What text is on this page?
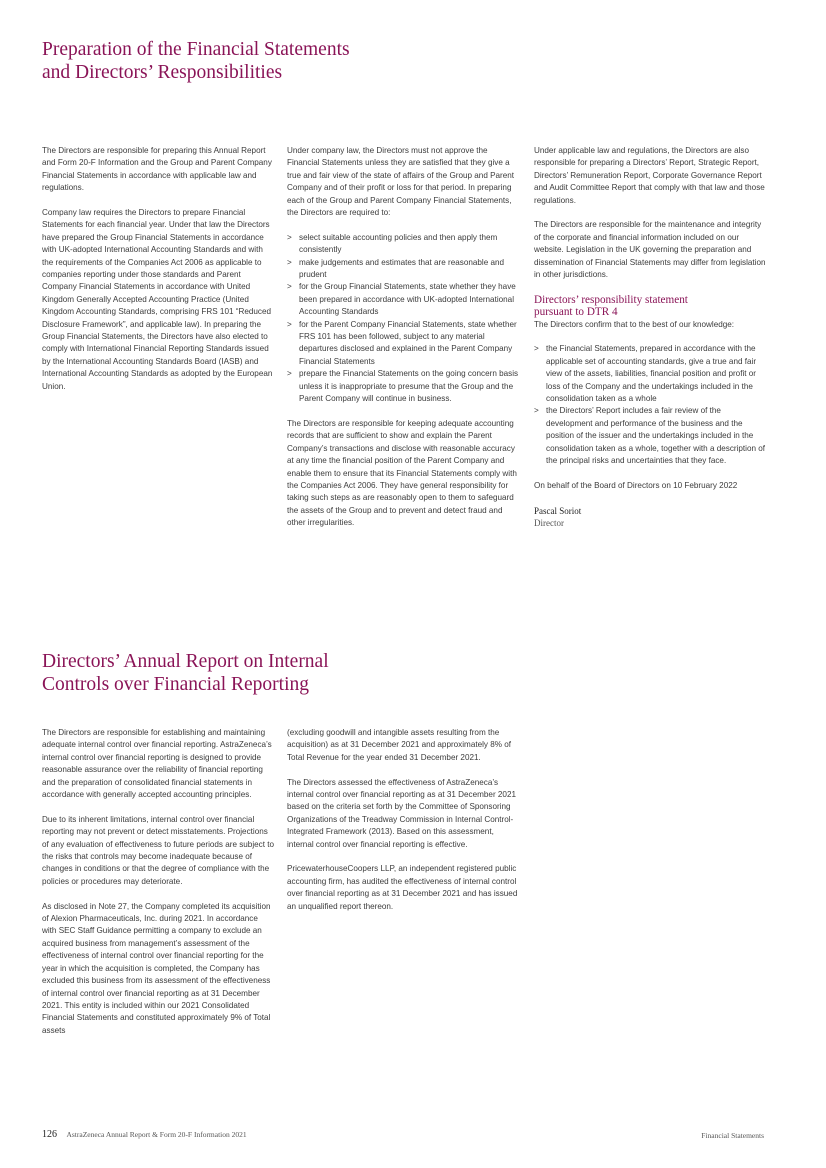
Preparation of the Financial Statements
and Directors’ Responsibilities

The Directors are responsible for preparing this Annual Report and Form 20-F Information and the Group and Parent Company Financial Statements in accordance with applicable law and regulations.

Company law requires the Directors to prepare Financial Statements for each financial year. Under that law the Directors have prepared the Group Financial Statements in accordance with UK-adopted International Accounting Standards and with the requirements of the Companies Act 2006 as applicable to companies reporting under those standards and Parent Company Financial Statements in accordance with United Kingdom Generally Accepted Accounting Practice (United Kingdom Accounting Standards, comprising FRS 101 “Reduced Disclosure Framework”, and applicable law). In preparing the Group Financial Statements, the Directors have also elected to comply with International Financial Reporting Standards issued by the International Accounting Standards Board (IASB) and International Accounting Standards as adopted by the European Union.

Under company law, the Directors must not approve the Financial Statements unless they are satisfied that they give a true and fair view of the state of affairs of the Group and Parent Company and of their profit or loss for that period. In preparing each of the Group and Parent Company Financial Statements, the Directors are required to:

> select suitable accounting policies and then apply them consistently
> make judgements and estimates that are reasonable and prudent
> for the Group Financial Statements, state whether they have been prepared in accordance with UK-adopted International Accounting Standards
> for the Parent Company Financial Statements, state whether FRS 101 has been followed, subject to any material departures disclosed and explained in the Parent Company Financial Statements
> prepare the Financial Statements on the going concern basis unless it is inappropriate to presume that the Group and the Parent Company will continue in business.

The Directors are responsible for keeping adequate accounting records that are sufficient to show and explain the Parent Company’s transactions and disclose with reasonable accuracy at any time the financial position of the Parent Company and enable them to ensure that its Financial Statements comply with the Companies Act 2006. They have general responsibility for taking such steps as are reasonably open to them to safeguard the assets of the Group and to prevent and detect fraud and other irregularities.

Under applicable law and regulations, the Directors are also responsible for preparing a Directors’ Report, Strategic Report, Directors’ Remuneration Report, Corporate Governance Report and Audit Committee Report that comply with that law and those regulations.

The Directors are responsible for the maintenance and integrity of the corporate and financial information included on our website. Legislation in the UK governing the preparation and dissemination of Financial Statements may differ from legislation in other jurisdictions.

Directors’ responsibility statement
pursuant to DTR 4

The Directors confirm that to the best of our knowledge:

> the Financial Statements, prepared in accordance with the applicable set of accounting standards, give a true and fair view of the assets, liabilities, financial position and profit or loss of the Company and the undertakings included in the consolidation taken as a whole
> the Directors’ Report includes a fair review of the development and performance of the business and the position of the issuer and the undertakings included in the consolidation taken as a whole, together with a description of the principal risks and uncertainties that they face.

On behalf of the Board of Directors on 10 February 2022

Pascal Soriot
Director
Directors’ Annual Report on Internal
Controls over Financial Reporting

The Directors are responsible for establishing and maintaining adequate internal control over financial reporting. AstraZeneca’s internal control over financial reporting is designed to provide reasonable assurance over the reliability of financial reporting and the preparation of consolidated financial statements in accordance with generally accepted accounting principles.

Due to its inherent limitations, internal control over financial reporting may not prevent or detect misstatements. Projections of any evaluation of effectiveness to future periods are subject to the risks that controls may become inadequate because of changes in conditions or that the degree of compliance with the policies or procedures may deteriorate.

As disclosed in Note 27, the Company completed its acquisition of Alexion Pharmaceuticals, Inc. during 2021. In accordance with SEC Staff Guidance permitting a company to exclude an acquired business from management’s assessment of the effectiveness of internal control over financial reporting for the year in which the acquisition is completed, the Company has excluded this business from its assessment of the effectiveness of internal control over financial reporting as at 31 December 2021. This entity is included within our 2021 Consolidated Financial Statements and constituted approximately 9% of Total assets

(excluding goodwill and intangible assets resulting from the acquisition) as at 31 December 2021 and approximately 8% of Total Revenue for the year ended 31 December 2021.

The Directors assessed the effectiveness of AstraZeneca’s internal control over financial reporting as at 31 December 2021 based on the criteria set forth by the Committee of Sponsoring Organizations of the Treadway Commission in Internal Control-Integrated Framework (2013). Based on this assessment, internal control over financial reporting is effective.

PricewaterhouseCoopers LLP, an independent registered public accounting firm, has audited the effectiveness of internal control over financial reporting as at 31 December 2021 and has issued an unqualified report thereon.

126 AstraZeneca Annual Report & Form 20-F Information 2021	Financial Statements
